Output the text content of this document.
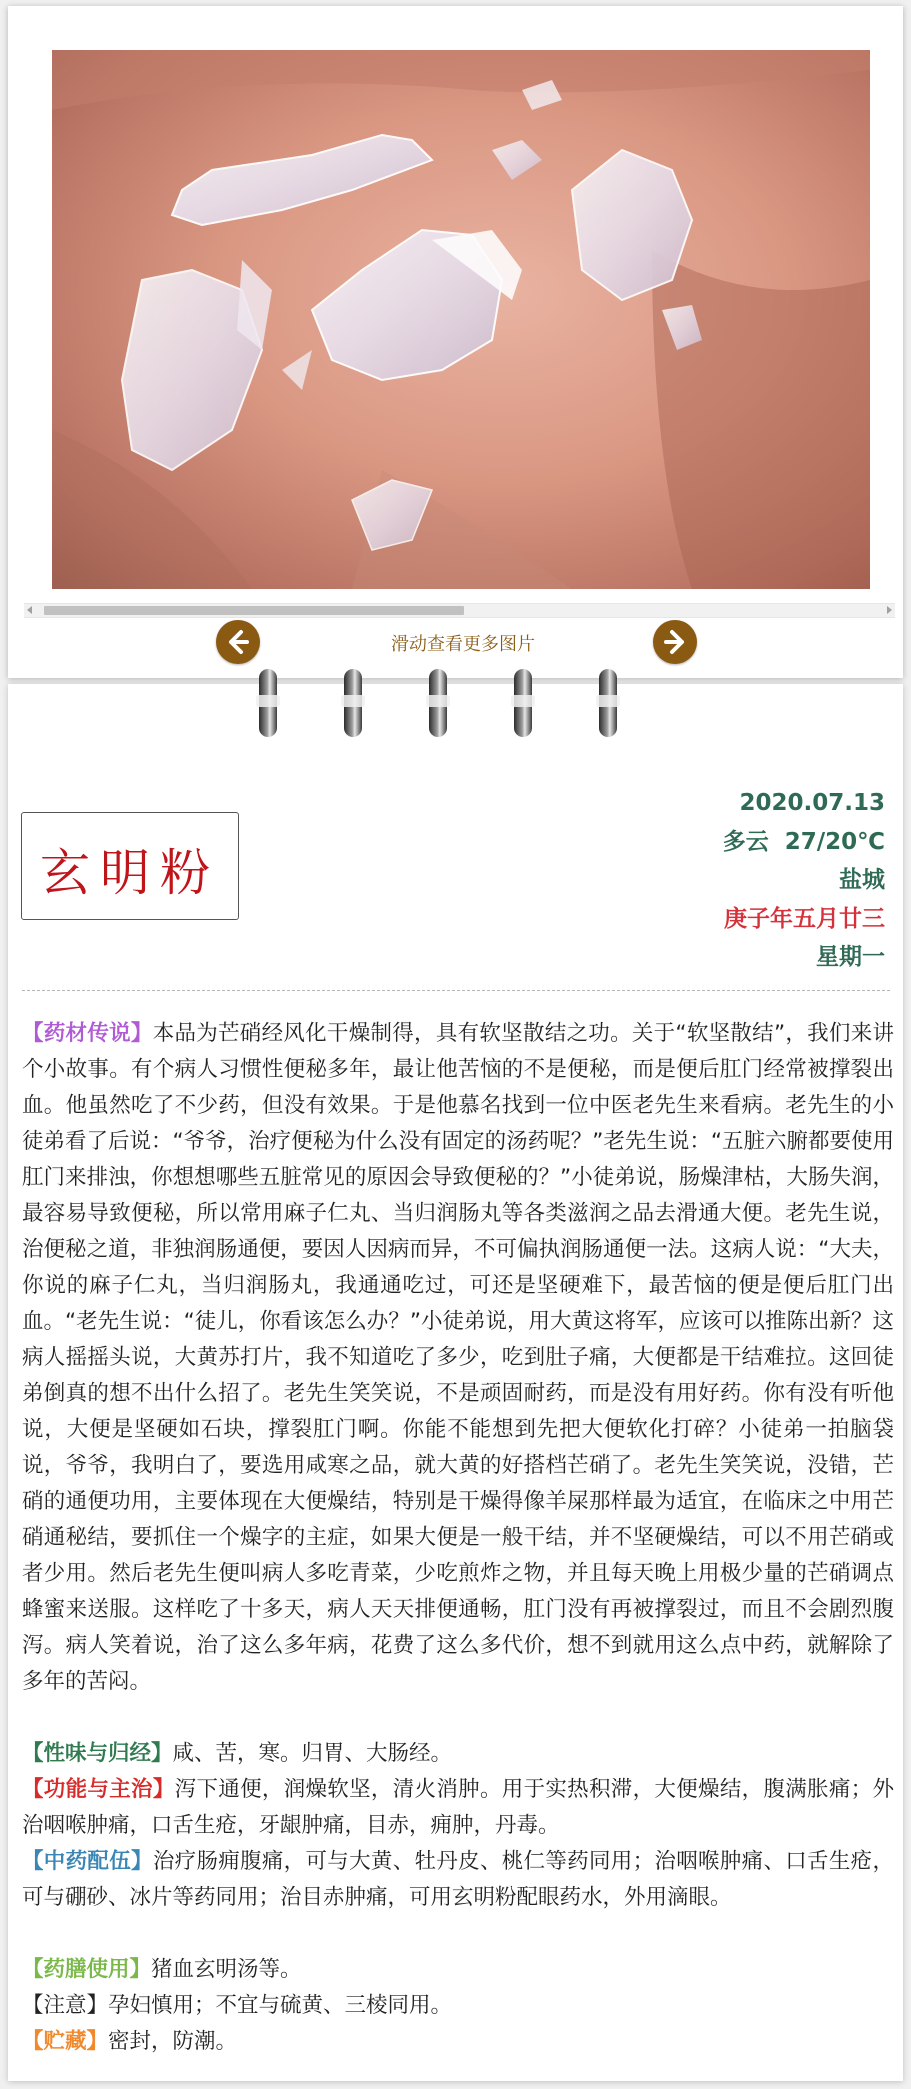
滑动查看更多图片
玄明粉
2020.07.13
多云  27/20℃
盐城
庚子年五月廿三
星期一

【药材传说】本品为芒硝经风化干燥制得，具有软坚散结之功。关于“软坚散结”，我们来讲个小故事。有个病人习惯性便秘多年，最让他苦恼的不是便秘，而是便后肛门经常被撑裂出血。他虽然吃了不少药，但没有效果。于是他慕名找到一位中医老先生来看病。老先生的小徒弟看了后说：“爷爷，治疗便秘为什么没有固定的汤药呢？”老先生说：“五脏六腑都要使用肛门来排浊，你想想哪些五脏常见的原因会导致便秘的？”小徒弟说，肠燥津枯，大肠失润，最容易导致便秘，所以常用麻子仁丸、当归润肠丸等各类滋润之品去滑通大便。老先生说，治便秘之道，非独润肠通便，要因人因病而异，不可偏执润肠通便一法。这病人说：“大夫，你说的麻子仁丸，当归润肠丸，我通通吃过，可还是坚硬难下，最苦恼的便是便后肛门出血。“老先生说：“徒儿，你看该怎么办？”小徒弟说，用大黄这将军，应该可以推陈出新？这病人摇摇头说，大黄苏打片，我不知道吃了多少，吃到肚子痛，大便都是干结难拉。这回徒弟倒真的想不出什么招了。老先生笑笑说，不是顽固耐药，而是没有用好药。你有没有听他说，大便是坚硬如石块，撑裂肛门啊。你能不能想到先把大便软化打碎？小徒弟一拍脑袋说，爷爷，我明白了，要选用咸寒之品，就大黄的好搭档芒硝了。老先生笑笑说，没错，芒硝的通便功用，主要体现在大便燥结，特别是干燥得像羊屎那样最为适宜，在临床之中用芒硝通秘结，要抓住一个燥字的主症，如果大便是一般干结，并不坚硬燥结，可以不用芒硝或者少用。然后老先生便叫病人多吃青菜，少吃煎炸之物，并且每天晚上用极少量的芒硝调点蜂蜜来送服。这样吃了十多天，病人天天排便通畅，肛门没有再被撑裂过，而且不会剧烈腹泻。病人笑着说，治了这么多年病，花费了这么多代价，想不到就用这么点中药，就解除了多年的苦闷。

【性味与归经】咸、苦，寒。归胃、大肠经。

【功能与主治】泻下通便，润燥软坚，清火消肿。用于实热积滞，大便燥结，腹满胀痛；外治咽喉肿痛，口舌生疮，牙龈肿痛，目赤，痈肿，丹毒。

【中药配伍】治疗肠痈腹痛，可与大黄、牡丹皮、桃仁等药同用；治咽喉肿痛、口舌生疮，可与硼砂、冰片等药同用；治目赤肿痛，可用玄明粉配眼药水，外用滴眼。

【药膳使用】猪血玄明汤等。

【注意】孕妇慎用；不宜与硫黄、三棱同用。

【贮藏】密封，防潮。
